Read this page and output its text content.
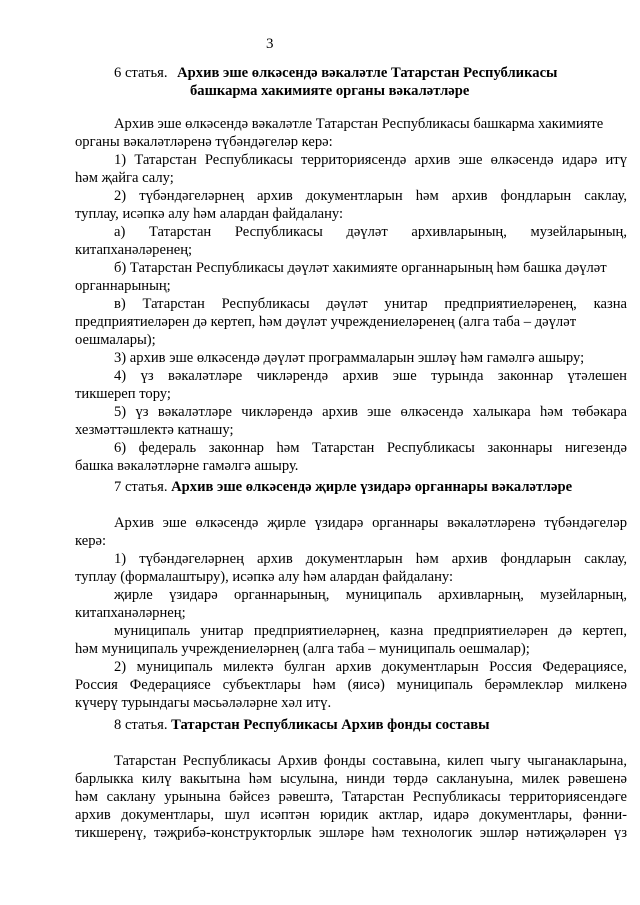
3
6 статья. Архив эше өлкәсендә вәкаләтле Татарстан Республикасы
башкарма хакимияте органы вәкаләтләре
Архив эше өлкәсендә вәкаләтле Татарстан Республикасы башкарма хакимияте
органы вәкаләтләренә түбәндәгеләр керә:
1) Татарстан Республикасы территориясендә архив эше өлкәсендә идарә итү
һәм җайга салу;
2) түбәндәгеләрнең архив документларын һәм архив фондларын саклау,
туплау, исәпкә алу һәм алардан файдалану:
а) Татарстан Республикасы дәүләт архивларының, музейларының,
китапханәләренең;
б) Татарстан Республикасы дәүләт хакимияте органнарының һәм башка дәүләт
органнарының;
в) Татарстан Республикасы дәүләт унитар предприятиеләренең, казна
предприятиеләрен дә кертеп, һәм дәүләт учреждениеләренең (алга таба – дәүләт
оешмалары);
3) архив эше өлкәсендә дәүләт программаларын эшләү һәм гамәлгә ашыру;
4) үз вәкаләтләре чикләрендә архив эше турында законнар үтәлешен
тикшереп тору;
5) үз вәкаләтләре чикләрендә архив эше өлкәсендә халыкара һәм төбәкара
хезмәттәшлектә катнашу;
6) федераль законнар һәм Татарстан Республикасы законнары нигезендә
башка вәкаләтләрне гамәлгә ашыру.
7 статья. Архив эше өлкәсендә җирле үзидарә органнары вәкаләтләре
Архив эше өлкәсендә җирле үзидарә органнары вәкаләтләренә түбәндәгеләр
керә:
1) түбәндәгеләрнең архив документларын һәм архив фондларын саклау,
туплау (формалаштыру), исәпкә алу һәм алардан файдалану:
җирле үзидарә органнарының, муниципаль архивларның, музейларның,
китапханәләрнең;
муниципаль унитар предприятиеләрнең, казна предприятиеләрен дә кертеп,
һәм муниципаль учреждениеләрнең (алга таба – муниципаль оешмалар);
2) муниципаль милектә булган архив документларын Россия Федерациясе,
Россия Федерациясе субъектлары һәм (яисә) муниципаль берәмлекләр милкенә
күчерү турындагы мәсьәләләрне хәл итү.
8 статья. Татарстан Республикасы Архив фонды составы
Татарстан Республикасы Архив фонды составына, килеп чыгу чыганакларына,
барлыкка килү вакытына һәм ысулына, нинди төрдә саклануына, милек рәвешенә
һәм саклану урынына бәйсез рәвештә, Татарстан Республикасы территориясендәге
архив документлары, шул исәптән юридик актлар, идарә документлары, фәнни-
тикшеренү, тәҗрибә-конструкторлык эшләре һәм технологик эшләр нәтиҗәләрен үз
